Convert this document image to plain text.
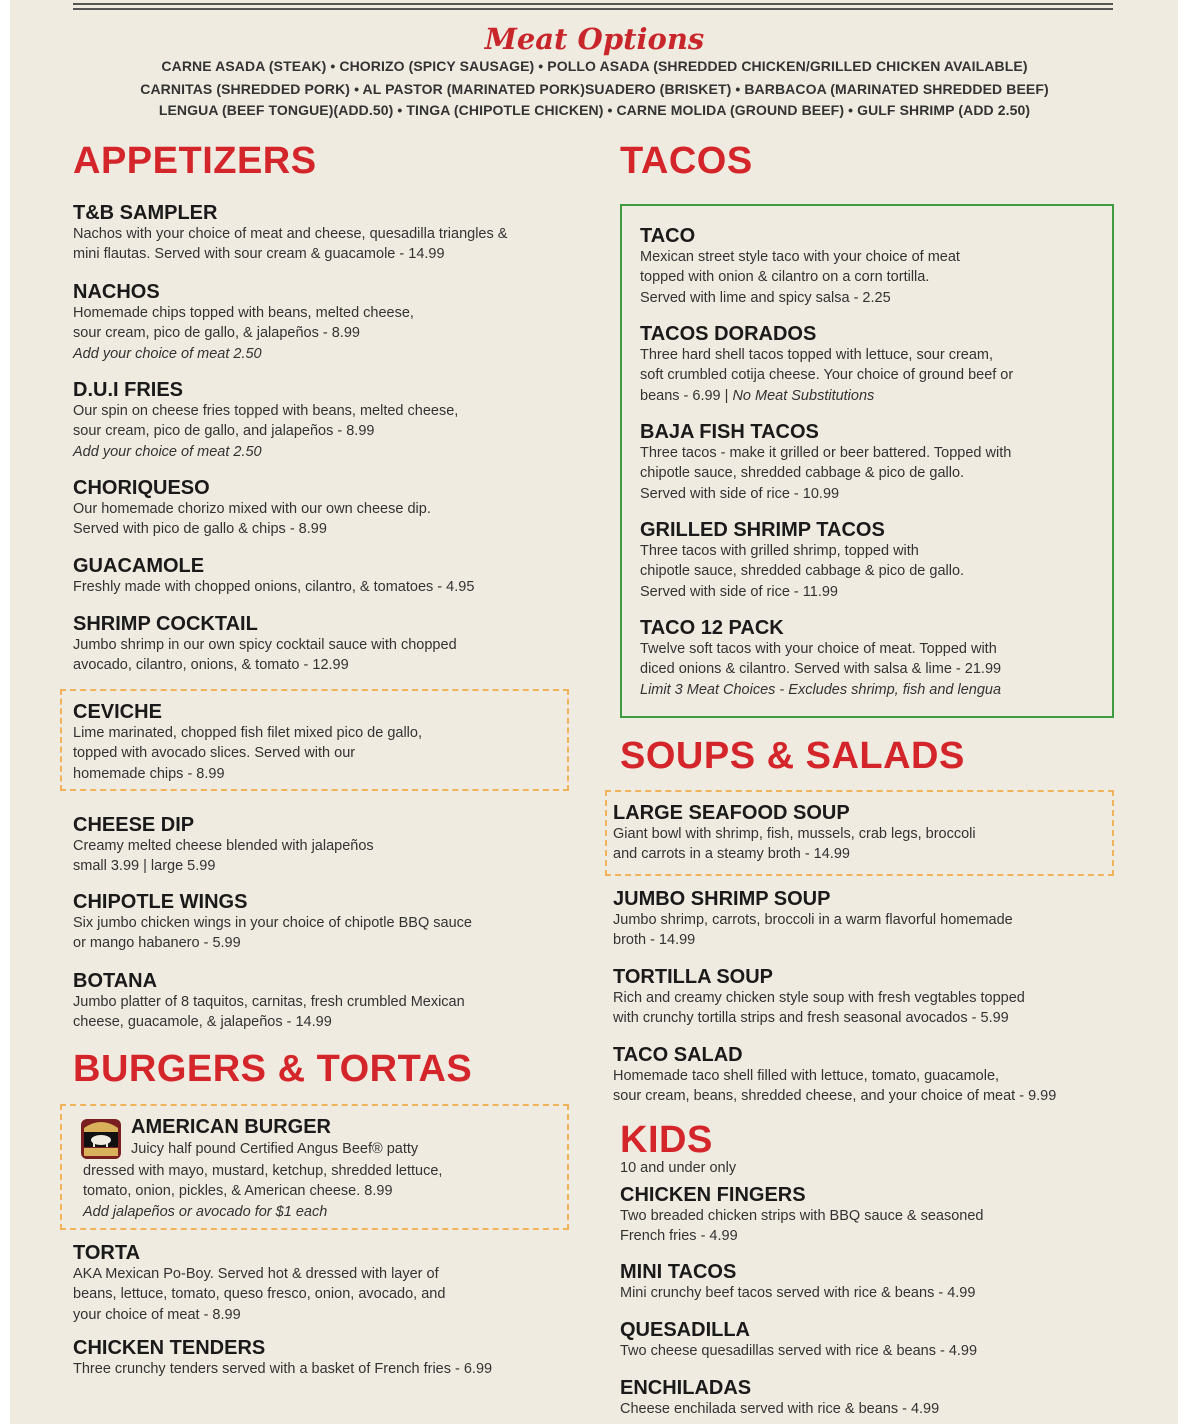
Meat Options
CARNE ASADA (STEAK) • CHORIZO (SPICY SAUSAGE) • POLLO ASADA (SHREDDED CHICKEN/GRILLED CHICKEN AVAILABLE)
CARNITAS (SHREDDED PORK) • AL PASTOR (MARINATED PORK)SUADERO (BRISKET) • BARBACOA (MARINATED SHREDDED BEEF)
LENGUA (BEEF TONGUE)(ADD.50) • TINGA (CHIPOTLE CHICKEN) • CARNE MOLIDA (GROUND BEEF) • GULF SHRIMP (ADD 2.50)
APPETIZERS
T&B SAMPLER
Nachos with your choice of meat and cheese, quesadilla triangles &
mini flautas. Served with sour cream & guacamole - 14.99
NACHOS
Homemade chips topped with beans, melted cheese,
sour cream, pico de gallo, & jalapeños - 8.99
Add your choice of meat 2.50
D.U.I FRIES
Our spin on cheese fries topped with beans, melted cheese,
sour cream, pico de gallo, and jalapeños - 8.99
Add your choice of meat 2.50
CHORIQUESO
Our homemade chorizo mixed with our own cheese dip.
Served with pico de gallo & chips - 8.99
GUACAMOLE
Freshly made with chopped onions, cilantro, & tomatoes - 4.95
SHRIMP COCKTAIL
Jumbo shrimp in our own spicy cocktail sauce with chopped
avocado, cilantro, onions, & tomato - 12.99
CEVICHE
Lime marinated, chopped fish filet mixed pico de gallo,
topped with avocado slices. Served with our
homemade chips - 8.99
CHEESE DIP
Creamy melted cheese blended with jalapeños
small 3.99 | large 5.99
CHIPOTLE WINGS
Six jumbo chicken wings in your choice of chipotle BBQ sauce
or mango habanero - 5.99
BOTANA
Jumbo platter of 8 taquitos, carnitas, fresh crumbled Mexican
cheese, guacamole, & jalapeños - 14.99
BURGERS & TORTAS
AMERICAN BURGER
Juicy half pound Certified Angus Beef® patty
dressed with mayo, mustard, ketchup, shredded lettuce,
tomato, onion, pickles, & American cheese. 8.99
Add jalapeños or avocado for $1 each
TORTA
AKA Mexican Po-Boy. Served hot & dressed with layer of
beans, lettuce, tomato, queso fresco, onion, avocado, and
your choice of meat - 8.99
CHICKEN TENDERS
Three crunchy tenders served with a basket of French fries - 6.99
TACOS
TACO
Mexican street style taco with your choice of meat
topped with onion & cilantro on a corn tortilla.
Served with lime and spicy salsa - 2.25
TACOS DORADOS
Three hard shell tacos topped with lettuce, sour cream,
soft crumbled cotija cheese. Your choice of ground beef or
beans - 6.99 | No Meat Substitutions
BAJA FISH TACOS
Three tacos - make it grilled or beer battered. Topped with
chipotle sauce, shredded cabbage & pico de gallo.
Served with side of rice - 10.99
GRILLED SHRIMP TACOS
Three tacos with grilled shrimp, topped with
chipotle sauce, shredded cabbage & pico de gallo.
Served with side of rice - 11.99
TACO 12 PACK
Twelve soft tacos with your choice of meat. Topped with
diced onions & cilantro. Served with salsa & lime - 21.99
Limit 3 Meat Choices - Excludes shrimp, fish and lengua
SOUPS & SALADS
LARGE SEAFOOD SOUP
Giant bowl with shrimp, fish, mussels, crab legs, broccoli
and carrots in a steamy broth - 14.99
JUMBO SHRIMP SOUP
Jumbo shrimp, carrots, broccoli in a warm flavorful homemade
broth - 14.99
TORTILLA SOUP
Rich and creamy chicken style soup with fresh vegtables topped
with crunchy tortilla strips and fresh seasonal avocados - 5.99
TACO SALAD
Homemade taco shell filled with lettuce, tomato, guacamole,
sour cream, beans, shredded cheese, and your choice of meat - 9.99
KIDS
10 and under only
CHICKEN FINGERS
Two breaded chicken strips with BBQ sauce & seasoned
French fries - 4.99
MINI TACOS
Mini crunchy beef tacos served with rice & beans - 4.99
QUESADILLA
Two cheese quesadillas served with rice & beans - 4.99
ENCHILADAS
Cheese enchilada served with rice & beans - 4.99
